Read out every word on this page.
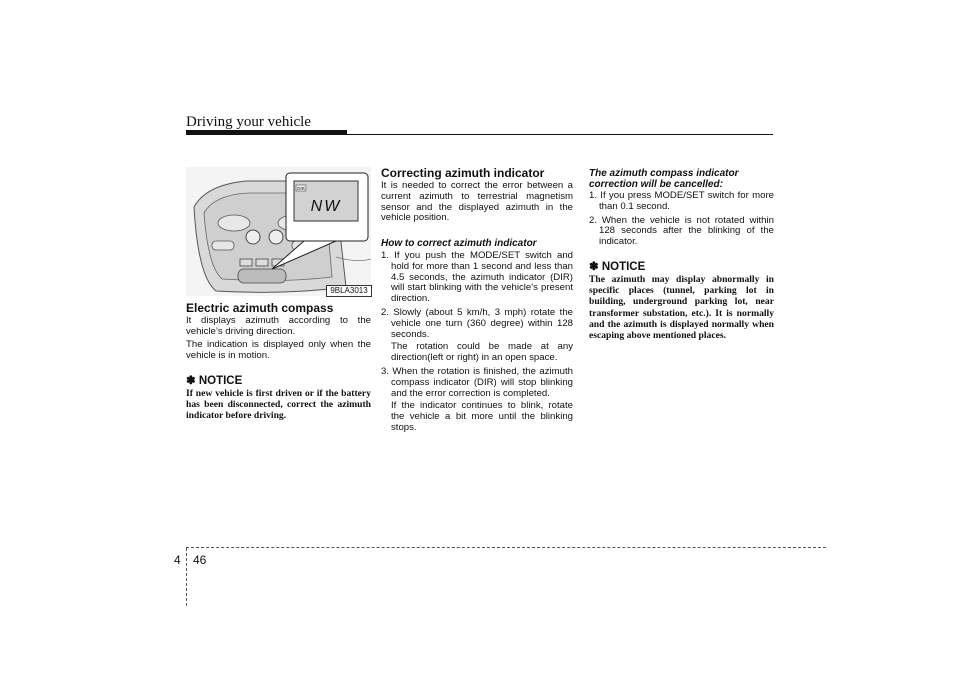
Driving your vehicle
DIR
NW
9BLA3013
Electric azimuth compass
It displays azimuth according to the vehicle’s driving direction.
The indication is displayed only when the vehicle is in motion.
✽ NOTICE
If new vehicle is first driven or if the battery has been disconnected, correct the azimuth indicator before driving.
Correcting azimuth indicator
It is needed to correct the error between a current azimuth to terrestrial magnetism sensor and the displayed azimuth in the vehicle position.
How to correct azimuth indicator
1. If you push the MODE/SET switch and hold for more than 1 second and less than 4.5 seconds, the azimuth indicator (DIR) will start blinking with the vehicle's present direction.
2. Slowly (about 5 km/h, 3 mph) rotate the vehicle one turn (360 degree) within 128 seconds.
The rotation could be made at any direction(left or right) in an open space.
3. When the rotation is finished, the azimuth compass indicator (DIR) will stop blinking and the error correction is completed.
If the indicator continues to blink, rotate the vehicle a bit more until the blinking stops.
The azimuth compass indicator correction will be cancelled:
1. If you press MODE/SET switch for more than 0.1 second.
2. When the vehicle is not rotated within 128 seconds after the blinking of the indicator.
✽ NOTICE
The azimuth may display abnormally in specific places (tunnel, parking lot in building, underground parking lot, near transformer substation, etc.). It is normally and the azimuth is displayed normally when escaping above mentioned places.
4 46
